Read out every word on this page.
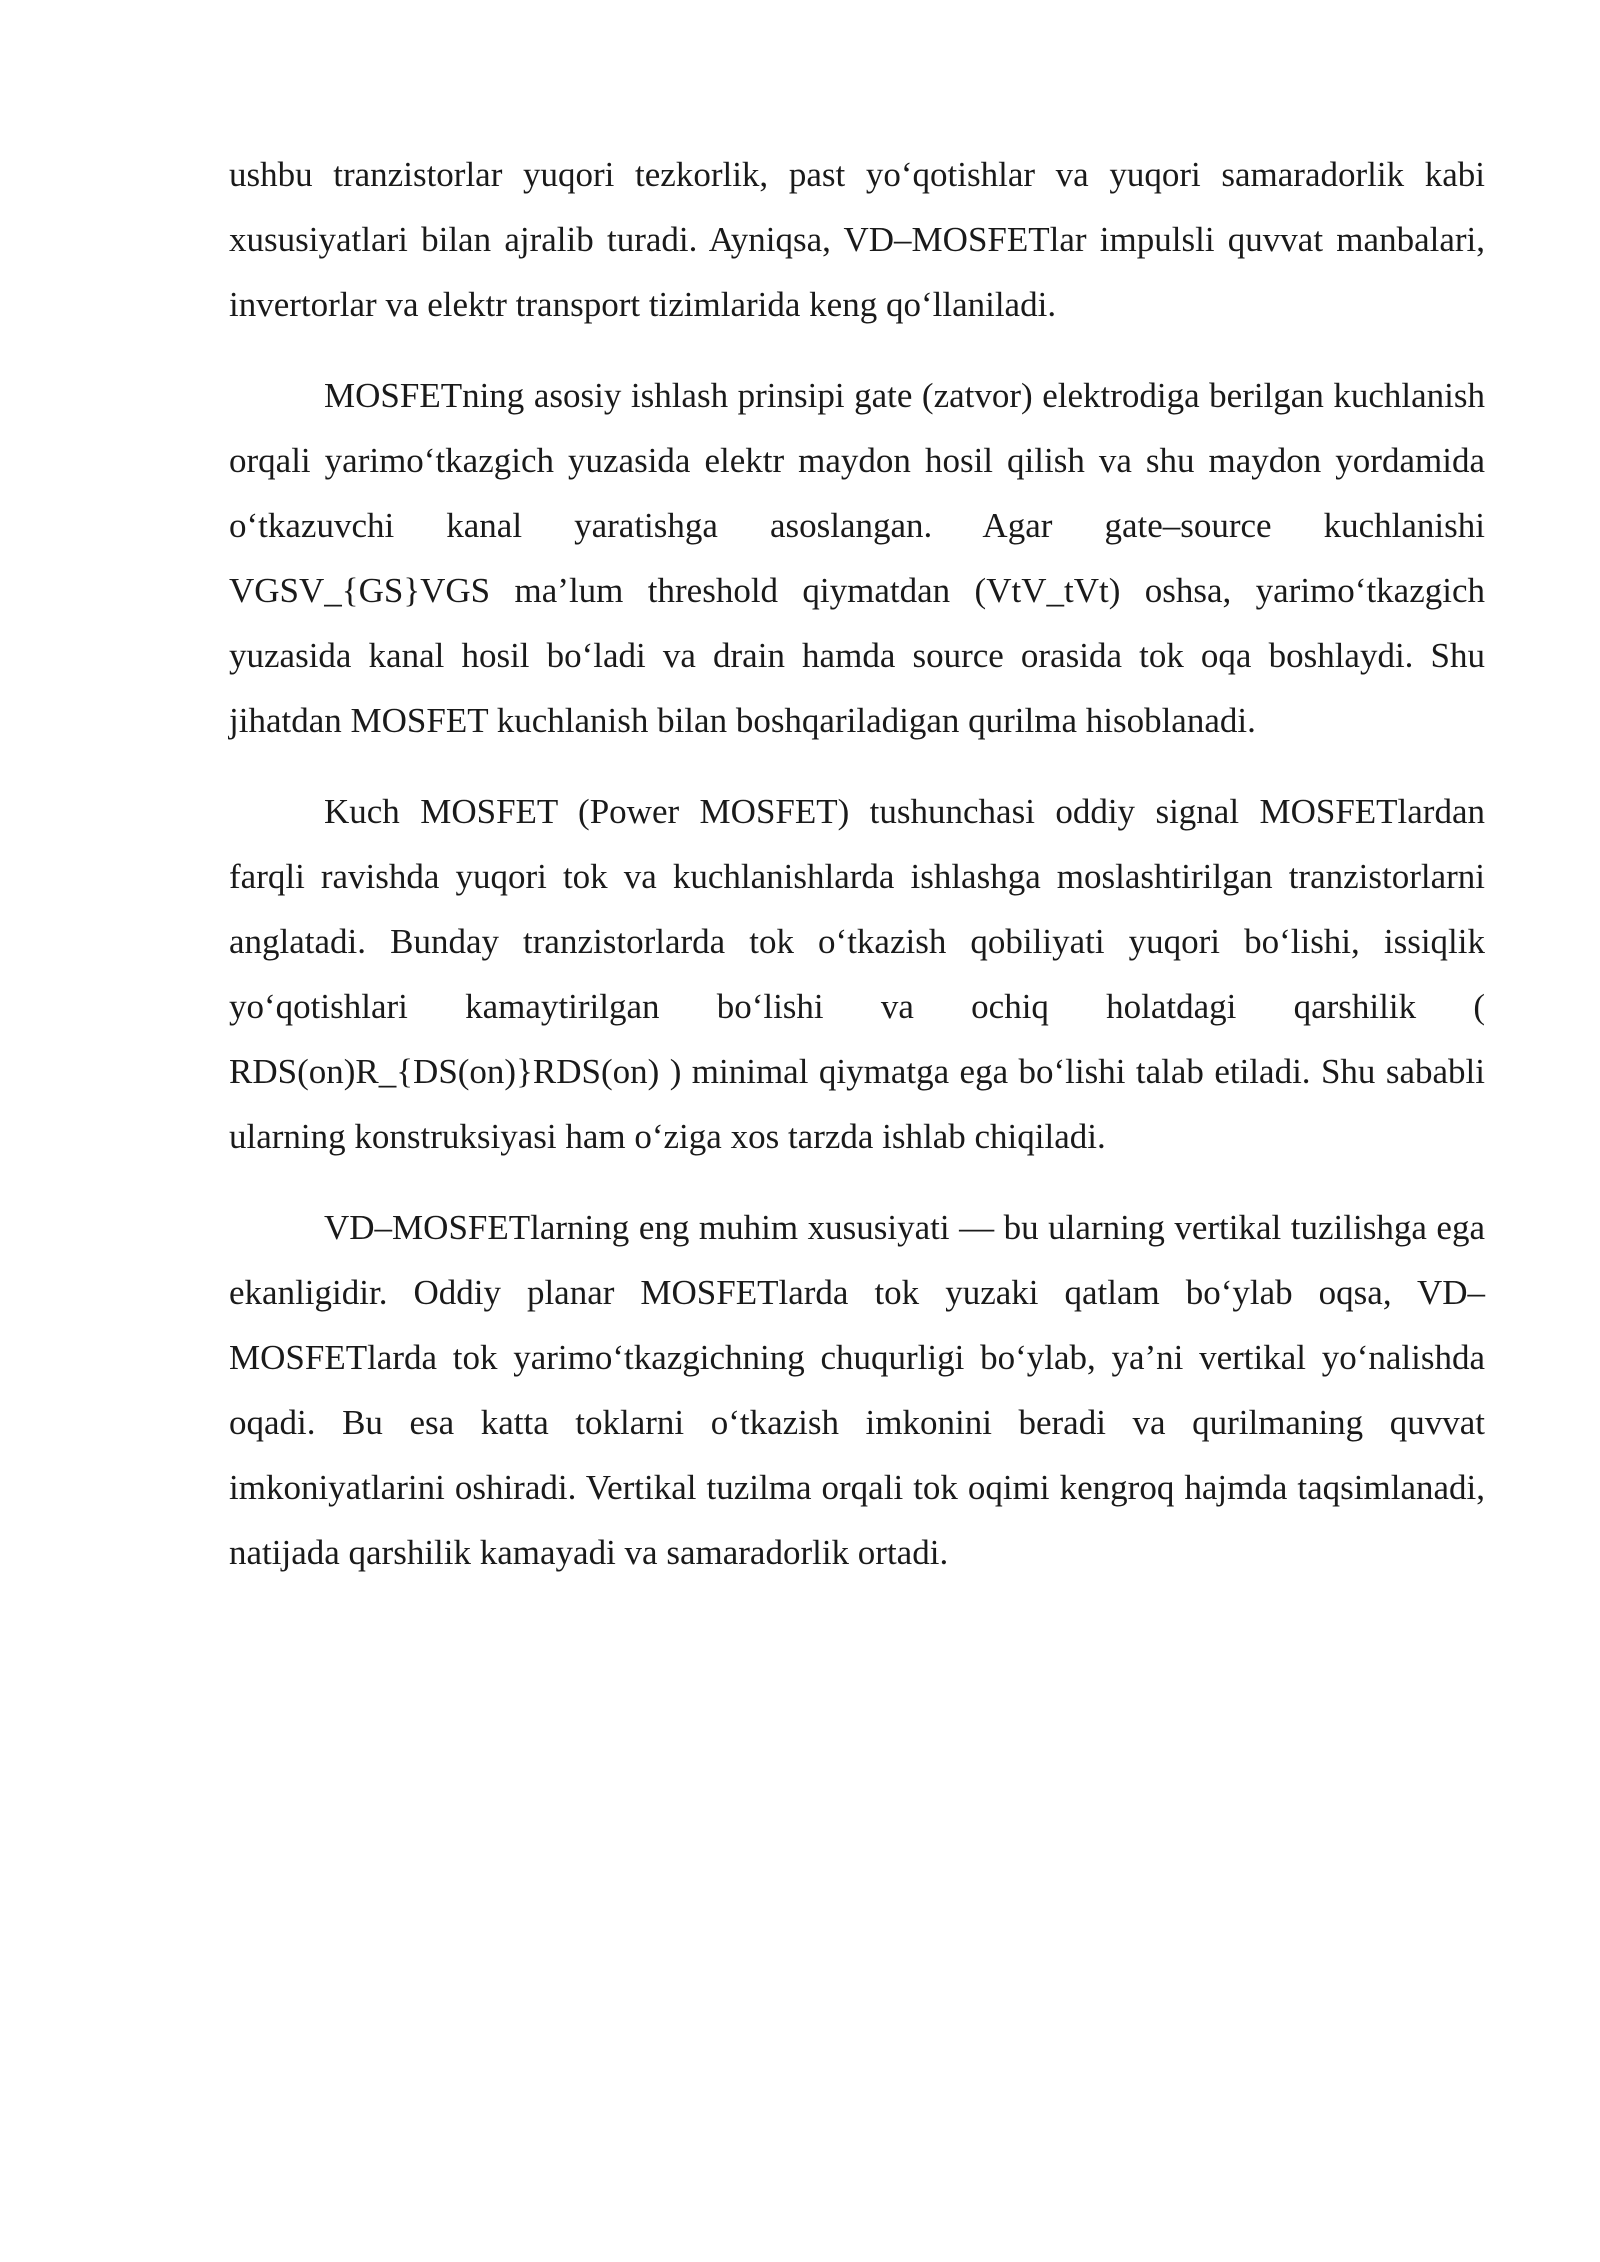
ushbu tranzistorlar yuqori tezkorlik, past yo‘qotishlar va yuqori samaradorlik kabi xususiyatlari bilan ajralib turadi. Ayniqsa, VD–MOSFETlar impulsli quvvat manbalari, invertorlar va elektr transport tizimlarida keng qo‘llaniladi.

MOSFETning asosiy ishlash prinsipi gate (zatvor) elektrodiga berilgan kuchlanish orqali yarimo‘tkazgich yuzasida elektr maydon hosil qilish va shu maydon yordamida o‘tkazuvchi kanal yaratishga asoslangan. Agar gate–source kuchlanishi VGSV_{GS}VGS ma’lum threshold qiymatdan (VtV_tVt) oshsa, yarimo‘tkazgich yuzasida kanal hosil bo‘ladi va drain hamda source orasida tok oqa boshlaydi. Shu jihatdan MOSFET kuchlanish bilan boshqariladigan qurilma hisoblanadi.

Kuch MOSFET (Power MOSFET) tushunchasi oddiy signal MOSFETlardan farqli ravishda yuqori tok va kuchlanishlarda ishlashga moslashtirilgan tranzistorlarni anglatadi. Bunday tranzistorlarda tok o‘tkazish qobiliyati yuqori bo‘lishi, issiqlik yo‘qotishlari kamaytirilgan bo‘lishi va ochiq holatdagi qarshilik ( RDS(on)R_{DS(on)}RDS(on) ) minimal qiymatga ega bo‘lishi talab etiladi. Shu sababli ularning konstruksiyasi ham o‘ziga xos tarzda ishlab chiqiladi.

VD–MOSFETlarning eng muhim xususiyati — bu ularning vertikal tuzilishga ega ekanligidir. Oddiy planar MOSFETlarda tok yuzaki qatlam bo‘ylab oqsa, VD–MOSFETlarda tok yarimo‘tkazgichning chuqurligi bo‘ylab, ya’ni vertikal yo‘nalishda oqadi. Bu esa katta toklarni o‘tkazish imkonini beradi va qurilmaning quvvat imkoniyatlarini oshiradi. Vertikal tuzilma orqali tok oqimi kengroq hajmda taqsimlanadi, natijada qarshilik kamayadi va samaradorlik ortadi.
